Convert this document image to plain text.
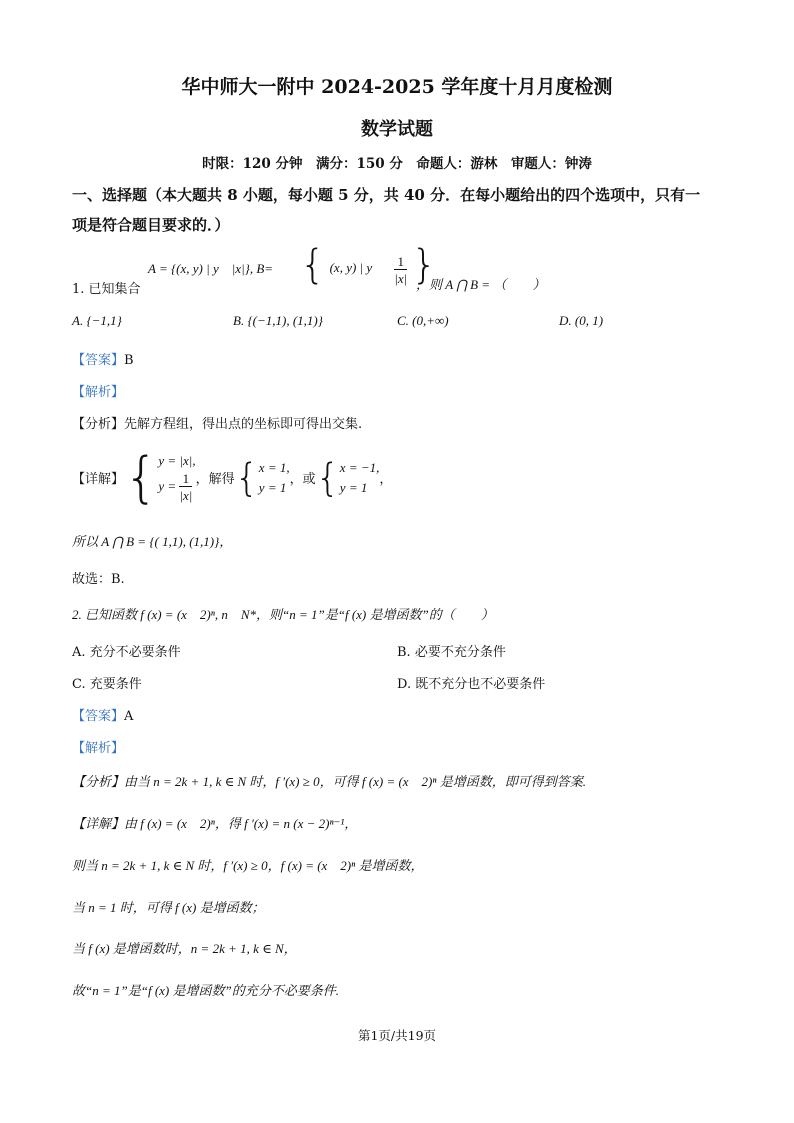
华中师大一附中 2024-2025 学年度十月月度检测
数学试题
时限：120 分钟　满分：150 分　命题人：游林　审题人：钟涛
一、选择题（本大题共 8 小题，每小题 5 分，共 40 分．在每小题给出的四个选项中，只有一
项是符合题目要求的．）
1. 已知集合
A = {(x, y) | y　|x|}, B= { (x, y) | y $\frac{1}{|x|}$ }
，则 A ⋂ B = （　　）
A. {−1,1}	B. {(−1,1), (1,1)}	C. (0,+∞)	D. (0, 1)
【答案】B
【解析】
【分析】先解方程组，得出点的坐标即可得出交集.
【详解】{ y = |x|,
$y = \frac{1}{|x|}$ ，解得{ x = 1,
y = 1 ，或{ x = −1,
y = 1 ，
所以 A ⋂ B = {( 1,1), (1,1)}，
故选：B.
2. 已知函数 f (x) = (x　2)ⁿ, n　N*，则“n = 1”是“f (x) 是增函数”的（　　）
A. 充分不必要条件	B. 必要不充分条件
C. 充要条件	D. 既不充分也不必要条件
【答案】A
【解析】
【分析】由当 n = 2k + 1, k ∈ N 时，f ′(x) ≥ 0，可得 f (x) = (x　2)ⁿ 是增函数，即可得到答案.
【详解】由 f (x) = (x　2)ⁿ，得 f ′(x) = n (x − 2)ⁿ⁻¹，
则当 n = 2k + 1, k ∈ N 时，f ′(x) ≥ 0，f (x) = (x　2)ⁿ 是增函数，
当 n = 1 时，可得 f (x) 是增函数；
当 f (x) 是增函数时，n = 2k + 1, k ∈ N，
故“n = 1”是“f (x) 是增函数”的充分不必要条件.
第1页/共19页
